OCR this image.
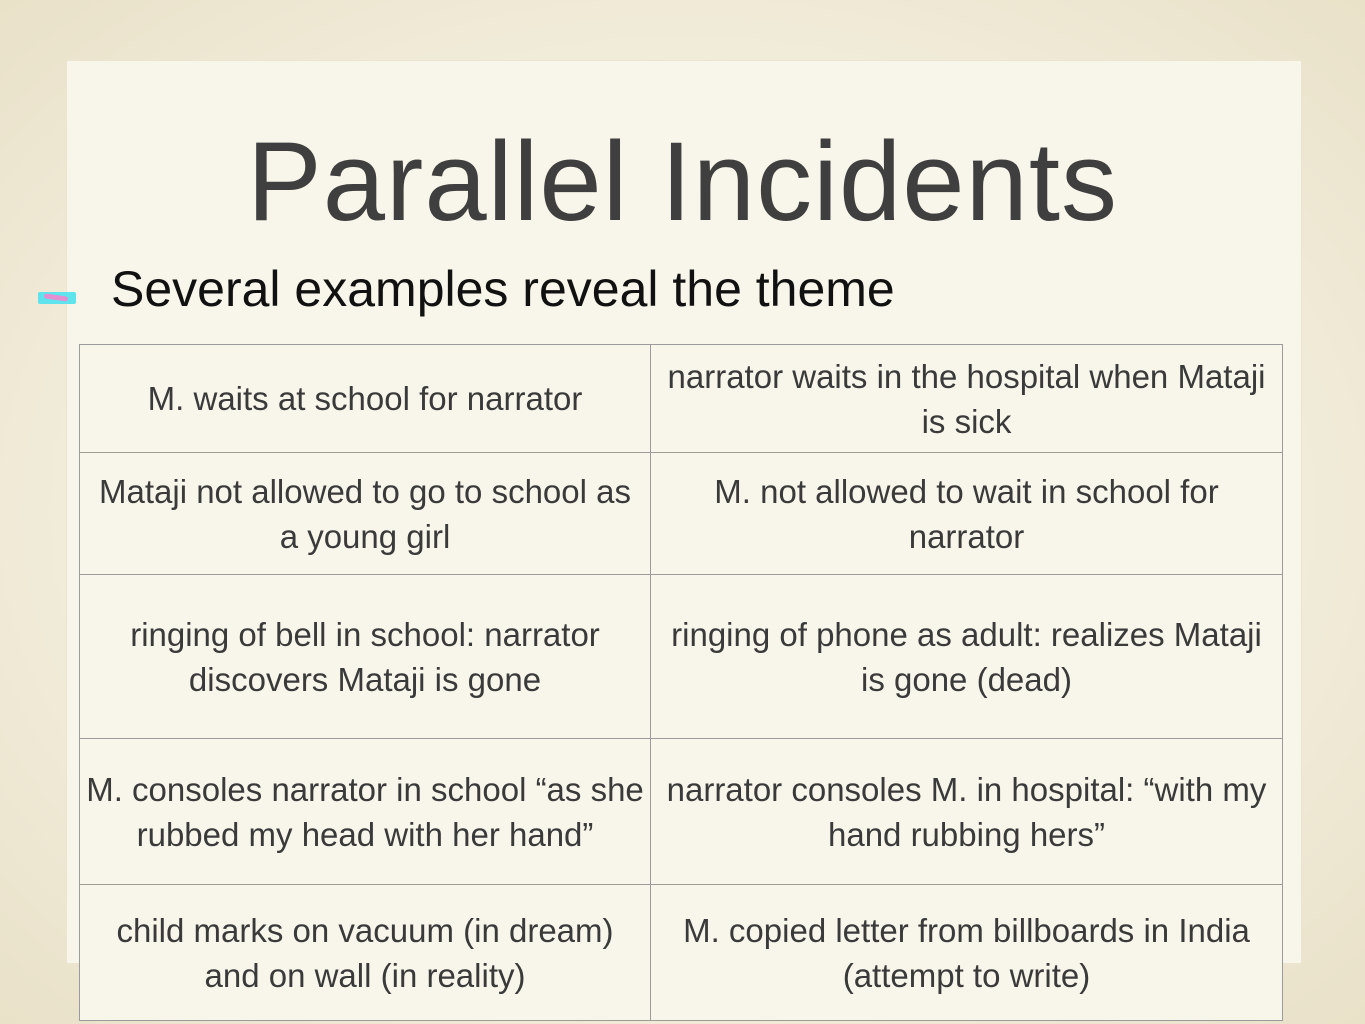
Parallel Incidents
Several examples reveal the theme
M. waits at school for narrator	narrator waits in the hospital when Mataji is sick
Mataji not allowed to go to school as a young girl	M. not allowed to wait in school for narrator
ringing of bell in school: narrator discovers Mataji is gone	ringing of phone as adult: realizes Mataji is gone (dead)
M. consoles narrator in school “as she rubbed my head with her hand”	narrator consoles M. in hospital: “with my hand rubbing hers”
child marks on vacuum (in dream) and on wall (in reality)	M. copied letter from billboards in India (attempt to write)
